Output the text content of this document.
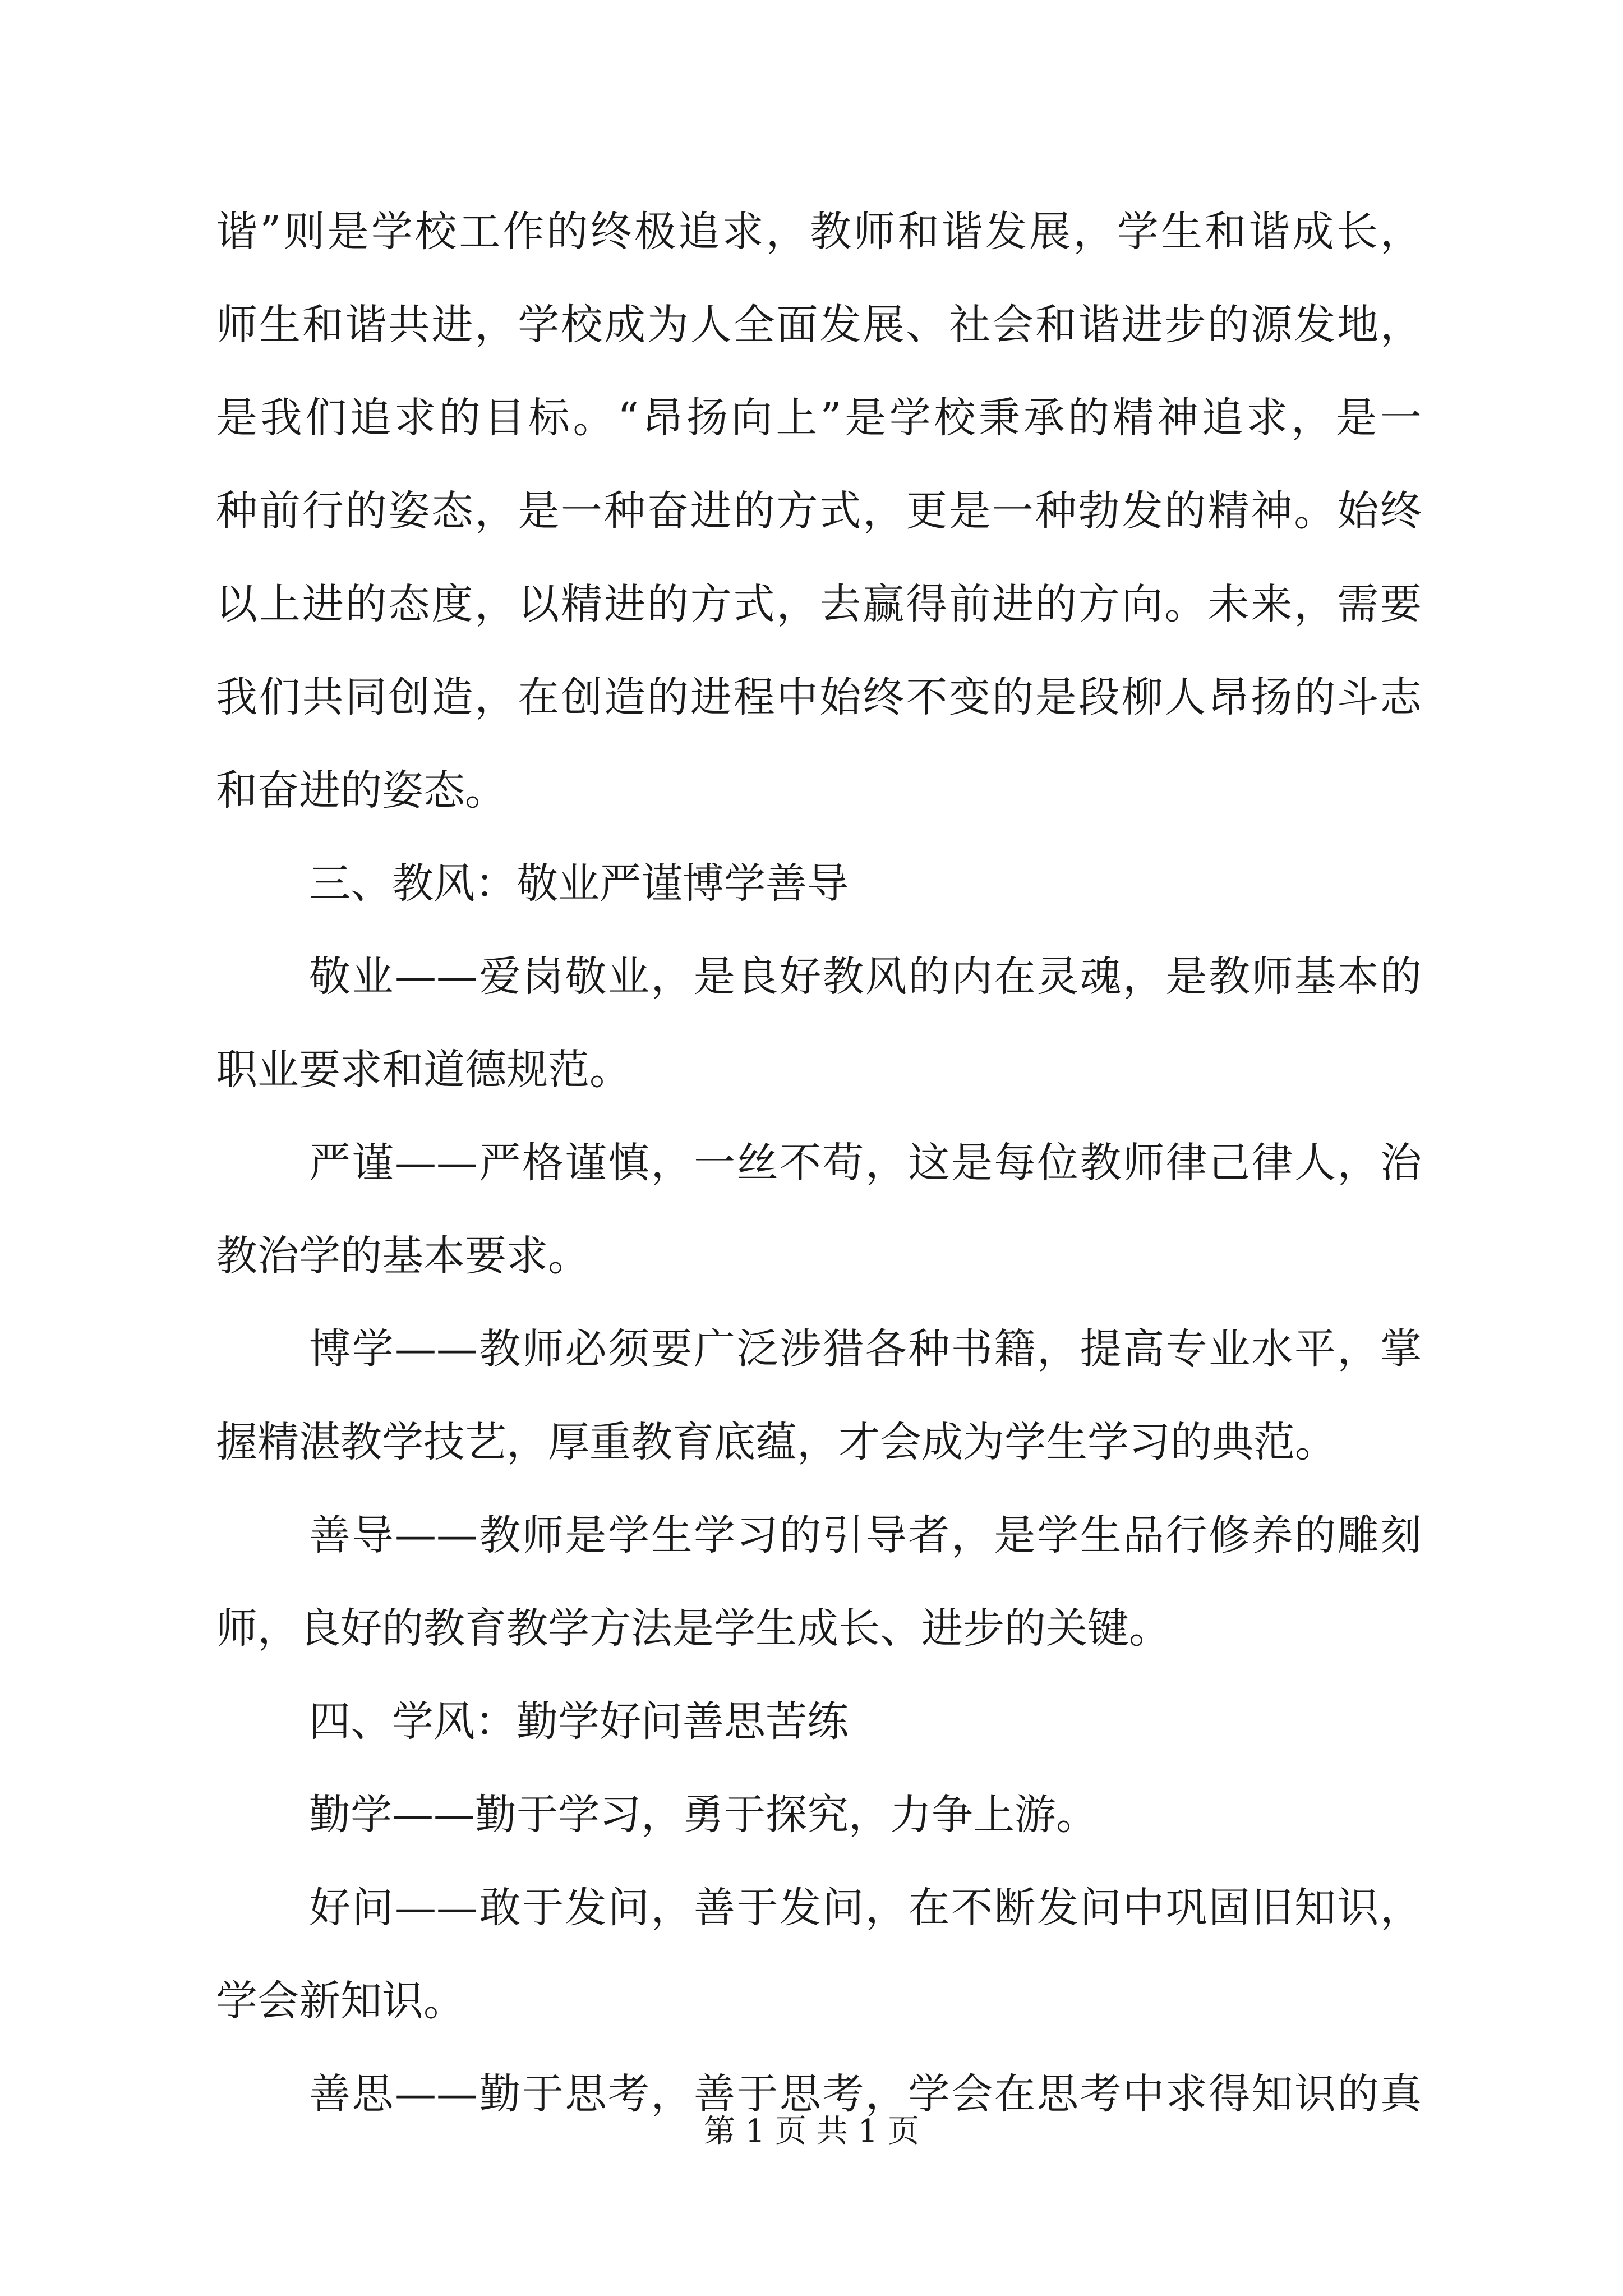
谐”则是学校工作的终极追求，教师和谐发展，学生和谐成长，

师生和谐共进，学校成为人全面发展、社会和谐进步的源发地，

是我们追求的目标。“昂扬向上”是学校秉承的精神追求，是一

种前行的姿态，是一种奋进的方式，更是一种勃发的精神。始终

以上进的态度，以精进的方式，去赢得前进的方向。未来，需要

我们共同创造，在创造的进程中始终不变的是段柳人昂扬的斗志

和奋进的姿态。

三、教风：敬业严谨博学善导

敬业——爱岗敬业，是良好教风的内在灵魂，是教师基本的

职业要求和道德规范。

严谨——严格谨慎，一丝不苟，这是每位教师律己律人，治

教治学的基本要求。

博学——教师必须要广泛涉猎各种书籍，提高专业水平，掌

握精湛教学技艺，厚重教育底蕴，才会成为学生学习的典范。

善导——教师是学生学习的引导者，是学生品行修养的雕刻

师，良好的教育教学方法是学生成长、进步的关键。

四、学风：勤学好问善思苦练

勤学——勤于学习，勇于探究，力争上游。

好问——敢于发问，善于发问，在不断发问中巩固旧知识，

学会新知识。

善思——勤于思考，善于思考，学会在思考中求得知识的真

第 1 页 共 1 页
